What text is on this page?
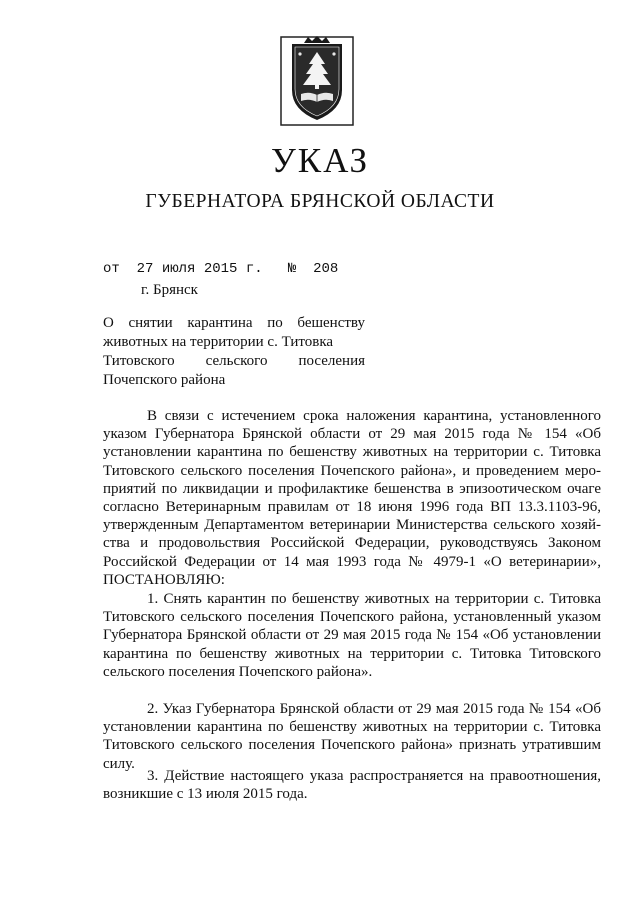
УКАЗ
ГУБЕРНАТОРА БРЯНСКОЙ ОБЛАСТИ
от 27 июля 2015 г. № 208
г. Брянск
О снятии карантина по бешенству
животных на территории с. Титовка
Титовского сельского поселения
Почепского района
В связи с истечением срока наложения карантина, установленного
указом Губернатора Брянской области от 29 мая 2015 года № 154 «Об
установлении карантина по бешенству животных на территории с. Титовка
Титовского сельского поселения Почепского района», и проведением меро-
приятий по ликвидации и профилактике бешенства в эпизоотическом очаге
согласно Ветеринарным правилам от 18 июня 1996 года ВП 13.3.1103-96,
утвержденным Департаментом ветеринарии Министерства сельского хозяй-
ства и продовольствия Российской Федерации, руководствуясь Законом
Российской Федерации от 14 мая 1993 года № 4979-1 «О ветеринарии»,
ПОСТАНОВЛЯЮ:
1. Снять карантин по бешенству животных на территории с. Титовка
Титовского сельского поселения Почепского района, установленный указом
Губернатора Брянской области от 29 мая 2015 года № 154 «Об установлении
карантина по бешенству животных на территории с. Титовка Титовского
сельского поселения Почепского района».
2. Указ Губернатора Брянской области от 29 мая 2015 года № 154 «Об
установлении карантина по бешенству животных на территории с. Титовка
Титовского сельского поселения Почепского района» признать утратившим
силу.
3. Действие настоящего указа распространяется на правоотношения,
возникшие с 13 июля 2015 года.
